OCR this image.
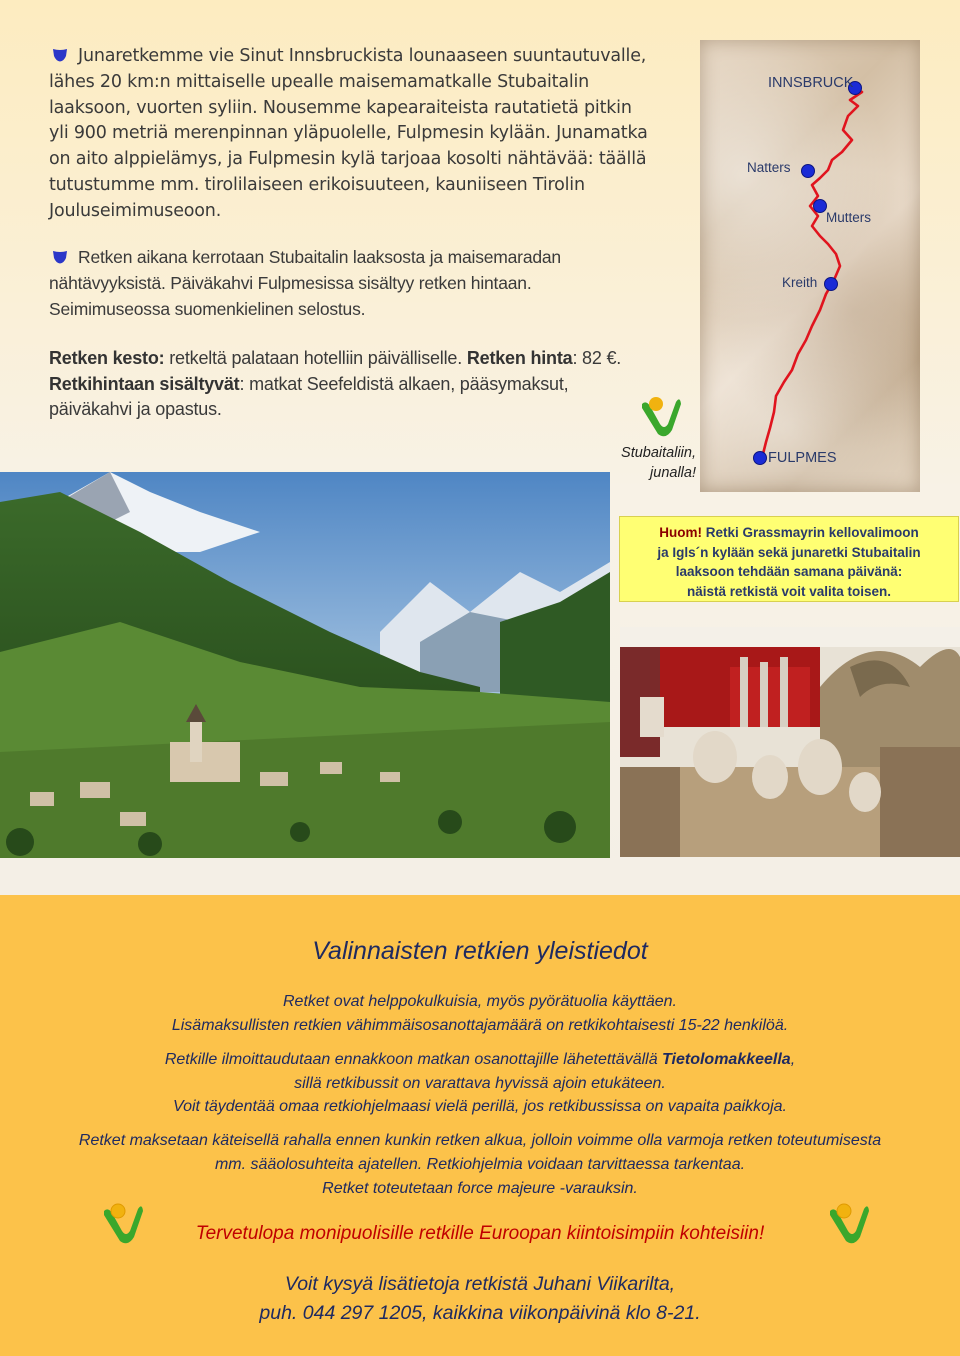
Junaretkemme vie Sinut Innsbruckista lounaaseen suuntautuvalle, lähes 20 km:n mittaiselle upealle maisemamatkalle Stubaitalin laaksoon, vuorten syliin. Nousemme kapearaiteista rautatietä pitkin yli 900 metriä merenpinnan yläpuolelle, Fulpmesin kylään. Junamatka on aito alppielämys, ja Fulpmesin kylä tarjoaa kosolti nähtävää: täällä tutustumme mm. tirolilaiseen erikoisuuteen, kauniiseen Tirolin Jouluseimimuseoon.
Retken aikana kerrotaan Stubaitalin laaksosta ja maisemaradan nähtävyyksistä. Päiväkahvi Fulpmesissa sisältyy retken hintaan. Seimimuseossa suomenkielinen selostus.
Retken kesto: retkeltä palataan hotelliin päivälliselle. Retken hinta: 82 €. Retkihintaan sisältyvät: matkat Seefeldistä alkaen, pääsymaksut, päiväkahvi ja opastus.
INNSBRUCK
Natters
Mutters
Kreith
FULPMES
Stubaitaliin,
junalla!
Huom! Retki Grassmayrin kellovalimoon
ja Igls´n kylään sekä junaretki Stubaitalin
laaksoon tehdään samana päivänä:
näistä retkistä voit valita toisen.
Valinnaisten retkien yleistiedot
Retket ovat helppokulkuisia, myös pyörätuolia käyttäen.
Lisämaksullisten retkien vähimmäisosanottajamäärä on retkikohtaisesti 15-22 henkilöä.
Retkille ilmoittaudutaan ennakkoon matkan osanottajille lähetettävällä Tietolomakkeella,
sillä retkibussit on varattava hyvissä ajoin etukäteen.
Voit täydentää omaa retkiohjelmaasi vielä perillä, jos retkibussissa on vapaita paikkoja.
Retket maksetaan käteisellä rahalla ennen kunkin retken alkua, jolloin voimme olla varmoja retken toteutumisesta
mm. sääolosuhteita ajatellen. Retkiohjelmia voidaan tarvittaessa tarkentaa.
Retket toteutetaan force majeure -varauksin.
Tervetulopa monipuolisille retkille Euroopan kiintoisimpiin kohteisiin!
Voit kysyä lisätietoja retkistä Juhani Viikarilta,
puh. 044 297 1205, kaikkina viikonpäivinä klo 8-21.
